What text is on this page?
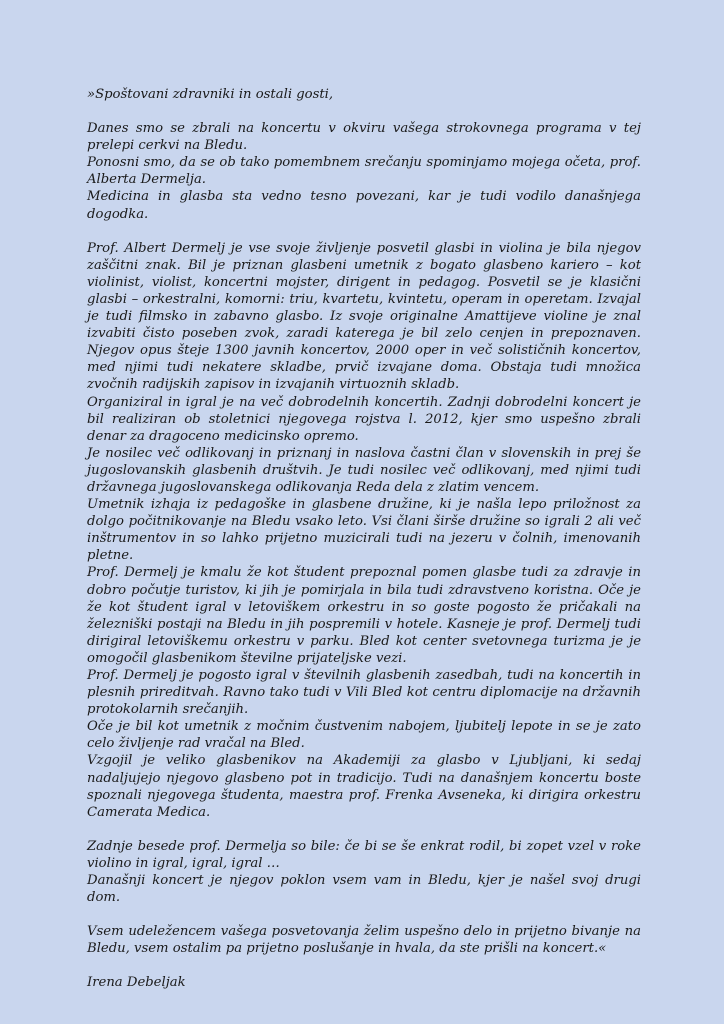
»Spoštovani zdravniki in ostali gosti,

Danes smo se zbrali na koncertu v okviru vašega strokovnega programa v tej prelepi cerkvi na Bledu.

Ponosni smo, da se ob tako pomembnem srečanju spominjamo mojega očeta, prof. Alberta Dermelja.

Medicina in glasba sta vedno tesno povezani, kar je tudi vodilo današnjega dogodka.

Prof. Albert Dermelj je vse svoje življenje posvetil glasbi in violina je bila njegov zaščitni znak. Bil je priznan glasbeni umetnik z bogato glasbeno kariero – kot violinist, violist, koncertni mojster, dirigent in pedagog. Posvetil se je klasični glasbi – orkestralni, komorni: triu, kvartetu, kvintetu, operam in operetam. Izvajal je tudi filmsko in zabavno glasbo. Iz svoje originalne Amattijeve violine je znal izvabiti čisto poseben zvok, zaradi katerega je bil zelo cenjen in prepoznaven. Njegov opus šteje 1300 javnih koncertov, 2000 oper in več solističnih koncertov, med njimi tudi nekatere skladbe, prvič izvajane doma. Obstaja tudi množica zvočnih radijskih zapisov in izvajanih virtuoznih skladb.

Organiziral in igral je na več dobrodelnih koncertih. Zadnji dobrodelni koncert je bil realiziran ob stoletnici njegovega rojstva l. 2012, kjer smo uspešno zbrali denar za dragoceno medicinsko opremo.

Je nosilec več odlikovanj in priznanj in naslova častni član v slovenskih in prej še jugoslovanskih glasbenih društvih. Je tudi nosilec več odlikovanj, med njimi tudi državnega jugoslovanskega odlikovanja Reda dela z zlatim vencem.

Umetnik izhaja iz pedagoške in glasbene družine, ki je našla lepo priložnost za dolgo počitnikovanje na Bledu vsako leto. Vsi člani širše družine so igrali 2 ali več inštrumentov in so lahko prijetno muzicirali tudi na jezeru v čolnih, imenovanih pletne.

Prof. Dermelj je kmalu že kot študent prepoznal pomen glasbe tudi za zdravje in dobro počutje turistov, ki jih je pomirjala in bila tudi zdravstveno koristna. Oče je že kot študent igral v letoviškem orkestru in so goste pogosto že pričakali na železniški postaji na Bledu in jih pospremili v hotele. Kasneje je prof. Dermelj tudi dirigiral letoviškemu orkestru v parku. Bled kot center svetovnega turizma je je omogočil glasbenikom številne prijateljske vezi.

Prof. Dermelj je pogosto igral v številnih glasbenih zasedbah, tudi na koncertih in plesnih prireditvah. Ravno tako tudi v Vili Bled kot centru diplomacije na državnih protokolarnih srečanjih.

Oče je bil kot umetnik z močnim čustvenim nabojem, ljubitelj lepote in se je zato celo življenje rad vračal na Bled.

Vzgojil je veliko glasbenikov na Akademiji za glasbo v Ljubljani, ki sedaj nadaljujejo njegovo glasbeno pot in tradicijo. Tudi na današnjem koncertu boste spoznali njegovega študenta, maestra prof. Frenka Avseneka, ki dirigira orkestru Camerata Medica.

Zadnje besede prof. Dermelja so bile: če bi se še enkrat rodil, bi zopet vzel v roke violino in igral, igral, igral …

Današnji koncert je njegov poklon vsem vam in Bledu, kjer je našel svoj drugi dom.

Vsem udeležencem vašega posvetovanja želim uspešno delo in prijetno bivanje na Bledu, vsem ostalim pa prijetno poslušanje in hvala, da ste prišli na koncert.«

Irena Debeljak
